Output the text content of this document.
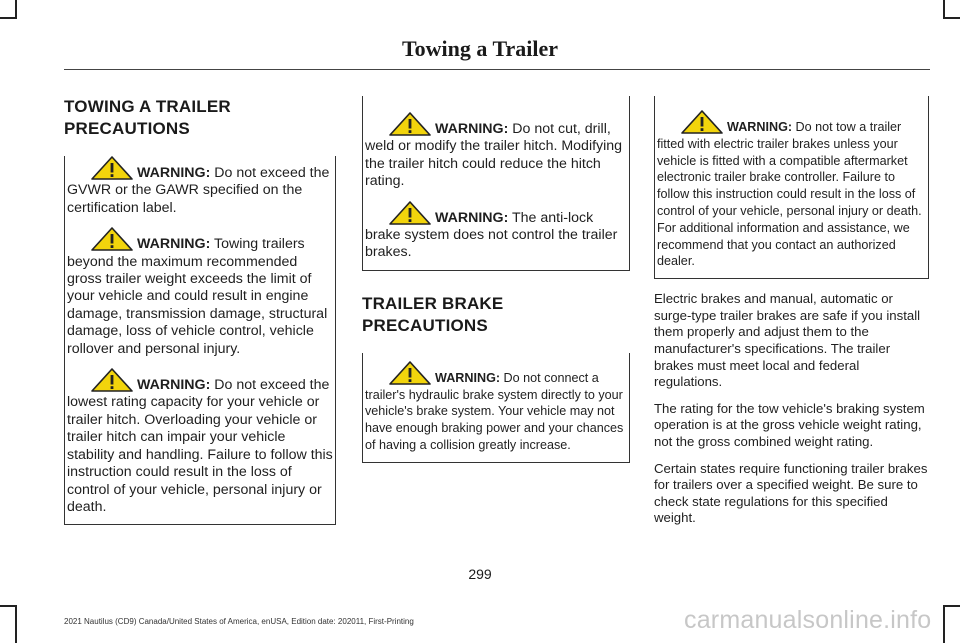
Towing a Trailer
TOWING A TRAILER PRECAUTIONS

WARNING: Do not exceed the GVWR or the GAWR specified on the certification label.

WARNING: Towing trailers beyond the maximum recommended gross trailer weight exceeds the limit of your vehicle and could result in engine damage, transmission damage, structural damage, loss of vehicle control, vehicle rollover and personal injury.

WARNING: Do not exceed the lowest rating capacity for your vehicle or trailer hitch. Overloading your vehicle or trailer hitch can impair your vehicle stability and handling. Failure to follow this instruction could result in the loss of control of your vehicle, personal injury or death.

WARNING: Do not cut, drill, weld or modify the trailer hitch. Modifying the trailer hitch could reduce the hitch rating.

WARNING: The anti-lock brake system does not control the trailer brakes.

TRAILER BRAKE PRECAUTIONS

WARNING: Do not connect a trailer's hydraulic brake system directly to your vehicle's brake system. Your vehicle may not have enough braking power and your chances of having a collision greatly increase.

WARNING: Do not tow a trailer fitted with electric trailer brakes unless your vehicle is fitted with a compatible aftermarket electronic trailer brake controller. Failure to follow this instruction could result in the loss of control of your vehicle, personal injury or death. For additional information and assistance, we recommend that you contact an authorized dealer.

Electric brakes and manual, automatic or surge-type trailer brakes are safe if you install them properly and adjust them to the manufacturer's specifications. The trailer brakes must meet local and federal regulations.

The rating for the tow vehicle's braking system operation is at the gross vehicle weight rating, not the gross combined weight rating.

Certain states require functioning trailer brakes for trailers over a specified weight. Be sure to check state regulations for this specified weight.

299
2021 Nautilus (CD9) Canada/United States of America, enUSA, Edition date: 202011, First-Printing	carmanualsonline.info
